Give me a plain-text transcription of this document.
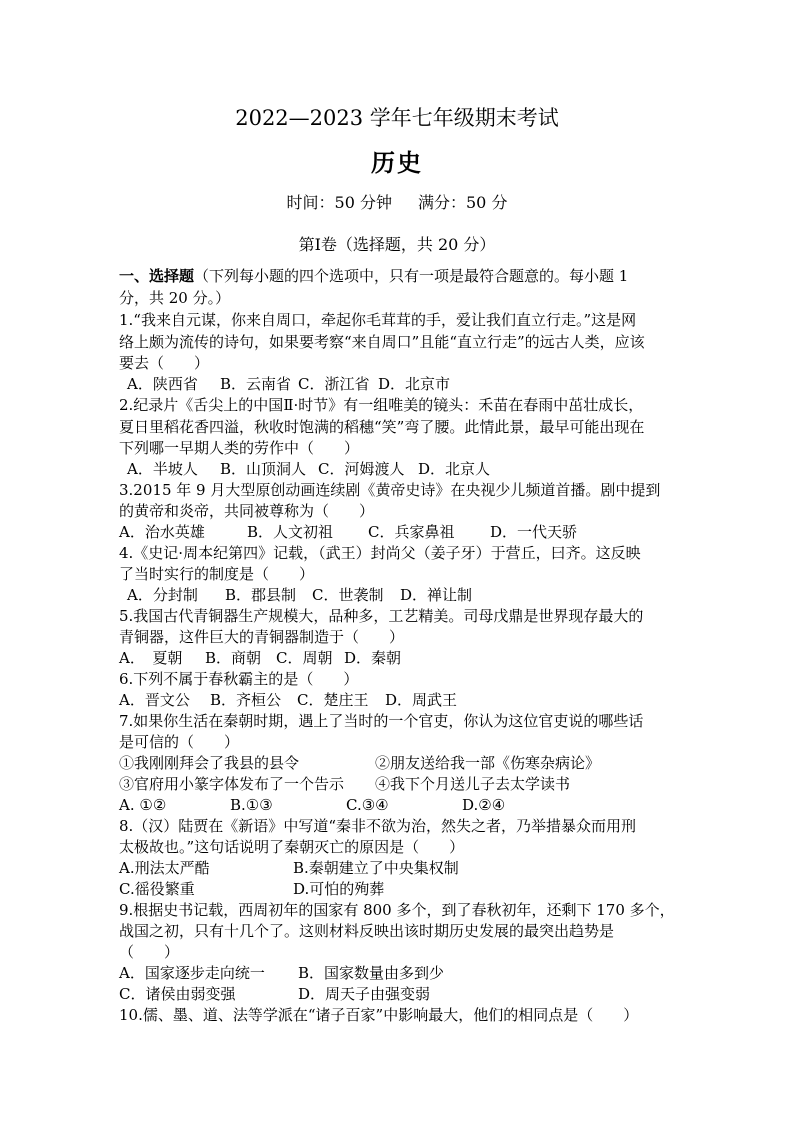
2022—2023 学年七年级期末考试
历史
时间：50 分钟 满分：50 分
第Ⅰ卷（选择题，共 20 分）
一、选择题（下列每小题的四个选项中，只有一项是最符合题意的。每小题 1
分，共 20 分。）
1.“我来自元谋，你来自周口，牵起你毛茸茸的手，爱让我们直立行走。”这是网
络上颇为流传的诗句，如果要考察“来自周口”且能“直立行走”的远古人类，应该
要去（　　）
A．陕西省 B．云南省 C．浙江省 D．北京市
2.纪录片《舌尖上的中国Ⅱ·时节》有一组唯美的镜头：禾苗在春雨中茁壮成长，
夏日里稻花香四溢，秋收时饱满的稻穗“笑”弯了腰。此情此景，最早可能出现在
下列哪一早期人类的劳作中（　　）
A．半坡人 B．山顶洞人 C．河姆渡人 D．北京人
3.2015 年 9 月大型原创动画连续剧《黄帝史诗》在央视少儿频道首播。剧中提到
的黄帝和炎帝，共同被尊称为（　　）
A．治水英雄	B．人文初祖 C．兵家鼻祖 D．一代天骄
4.《史记·周本纪第四》记载，（武王）封尚父（姜子牙）于营丘，曰齐。这反映
了当时实行的制度是（　　）
A．分封制 B．郡县制 C．世袭制 D．禅让制
5.我国古代青铜器生产规模大，品种多，工艺精美。司母戊鼎是世界现存最大的
青铜器，这件巨大的青铜器制造于（　　）
A．　夏朝 B．商朝 C．周朝 D．秦朝
6.下列不属于春秋霸主的是（　　）
A．晋文公 B．齐桓公 C．楚庄王 D．周武王
7.如果你生活在秦朝时期，遇上了当时的一个官吏，你认为这位官吏说的哪些话
是可信的（　　）
①我刚刚拜会了我县的县令	②朋友送给我一部《伤寒杂病论》
③官府用小篆字体发布了一个告示 ④我下个月送儿子去太学读书
A. ①②	B.①③	C.③④	D.②④
8.（汉）陆贾在《新语》中写道“秦非不欲为治，然失之者，乃举措暴众而用刑
太极故也。”这句话说明了秦朝灭亡的原因是（　　）
A.刑法太严酷	B.秦朝建立了中央集权制
C.徭役繁重	D.可怕的殉葬
9.根据史书记载，西周初年的国家有 800 多个，到了春秋初年，还剩下 170 多个，
战国之初，只有十几个了。这则材料反映出该时期历史发展的最突出趋势是
（　　）
A．国家逐步走向统一 B．国家数量由多到少
C．诸侯由弱变强	D．周天子由强变弱
10.儒、墨、道、法等学派在“诸子百家”中影响最大，他们的相同点是（　　）
